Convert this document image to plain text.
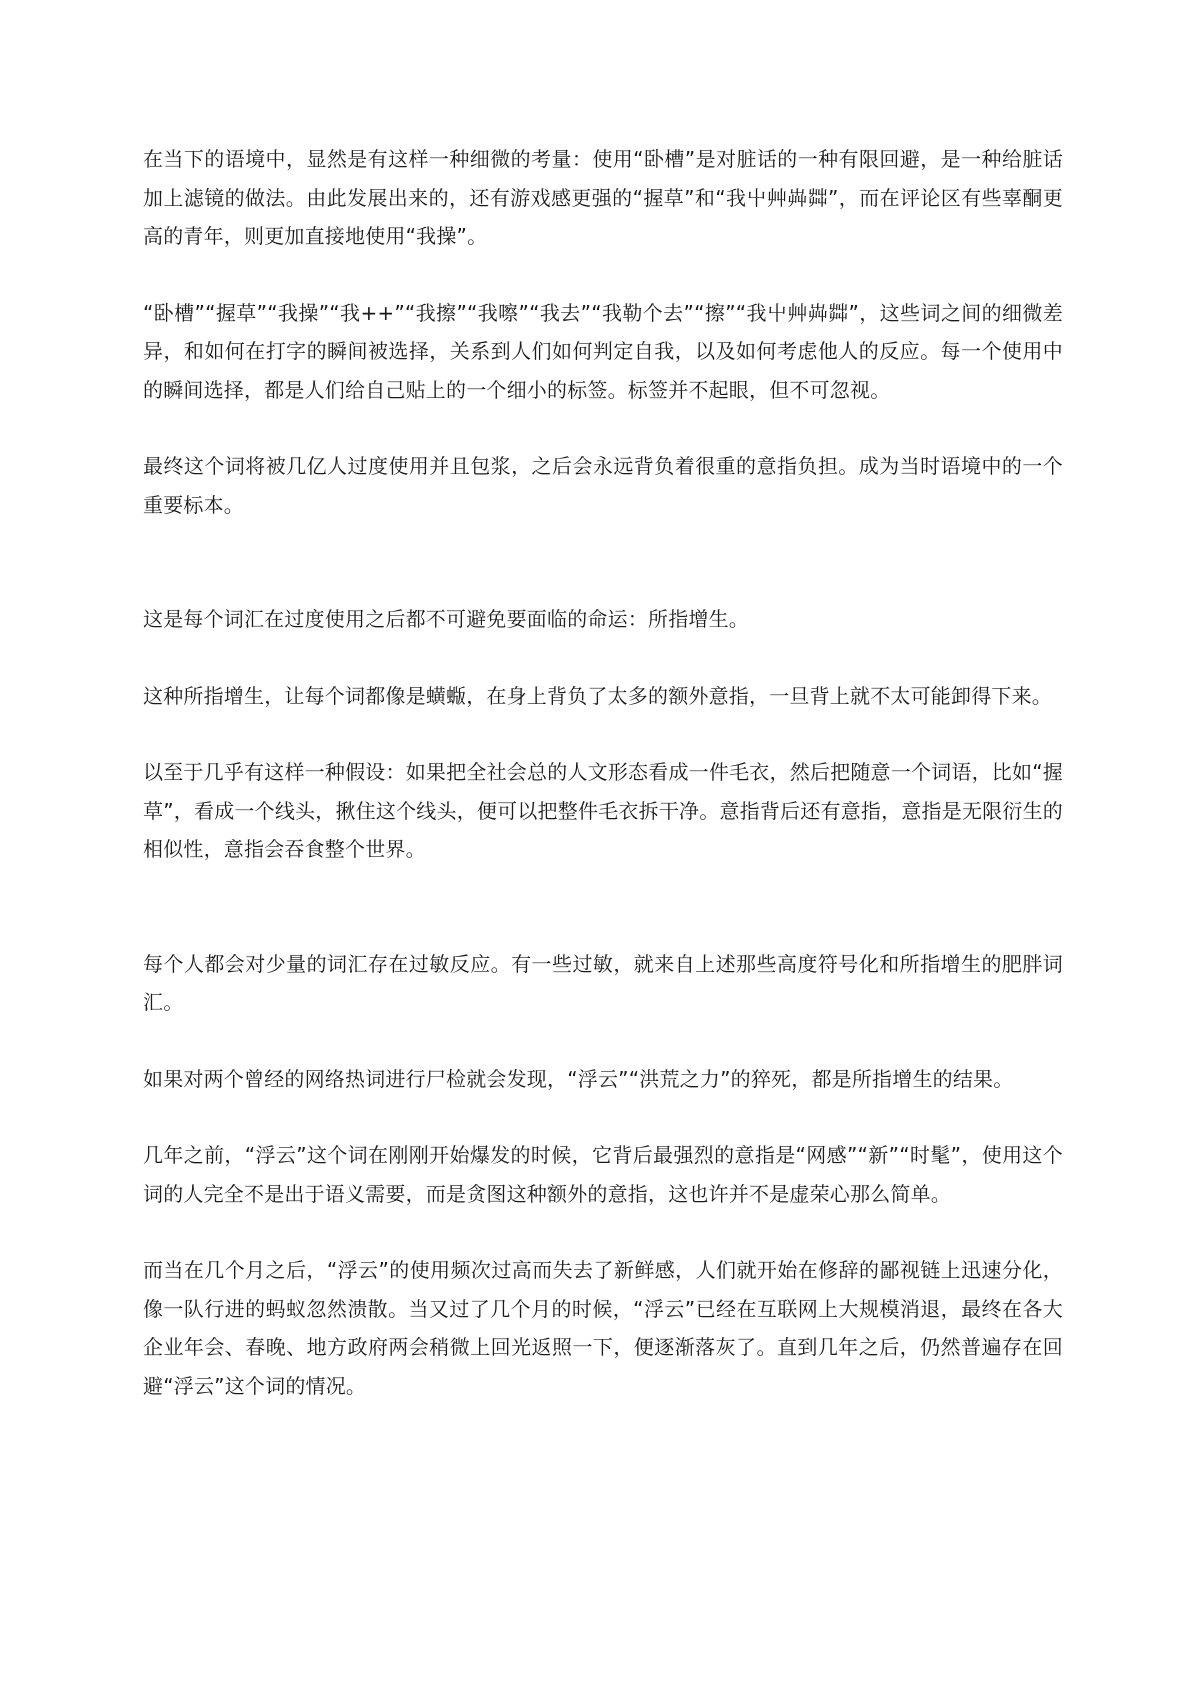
在当下的语境中，显然是有这样一种细微的考量：使用“卧槽”是对脏话的一种有限回避，是一种给脏话加上滤镜的做法。由此发展出来的，还有游戏感更强的“握草”和“我屮艸芔茻”，而在评论区有些辜酮更高的青年，则更加直接地使用“我操”。

“卧槽”“握草”“我操”“我++”“我擦”“我嚓”“我去”“我勒个去”“擦”“我屮艸芔茻”，这些词之间的细微差异，和如何在打字的瞬间被选择，关系到人们如何判定自我，以及如何考虑他人的反应。每一个使用中的瞬间选择，都是人们给自己贴上的一个细小的标签。标签并不起眼，但不可忽视。

最终这个词将被几亿人过度使用并且包浆，之后会永远背负着很重的意指负担。成为当时语境中的一个重要标本。

这是每个词汇在过度使用之后都不可避免要面临的命运：所指增生。

这种所指增生，让每个词都像是蟥蝂，在身上背负了太多的额外意指，一旦背上就不太可能卸得下来。

以至于几乎有这样一种假设：如果把全社会总的人文形态看成一件毛衣，然后把随意一个词语，比如“握草”，看成一个线头，揪住这个线头，便可以把整件毛衣拆干净。意指背后还有意指，意指是无限衍生的相似性，意指会吞食整个世界。

每个人都会对少量的词汇存在过敏反应。有一些过敏，就来自上述那些高度符号化和所指增生的肥胖词汇。

如果对两个曾经的网络热词进行尸检就会发现，“浮云”“洪荒之力”的猝死，都是所指增生的结果。

几年之前，“浮云”这个词在刚刚开始爆发的时候，它背后最强烈的意指是“网感”“新”“时髦”，使用这个词的人完全不是出于语义需要，而是贪图这种额外的意指，这也许并不是虚荣心那么简单。

而当在几个月之后，“浮云”的使用频次过高而失去了新鲜感，人们就开始在修辞的鄙视链上迅速分化，像一队行进的蚂蚁忽然溃散。当又过了几个月的时候，“浮云”已经在互联网上大规模消退，最终在各大企业年会、春晚、地方政府两会稍微上回光返照一下，便逐渐落灰了。直到几年之后，仍然普遍存在回避“浮云”这个词的情况。
